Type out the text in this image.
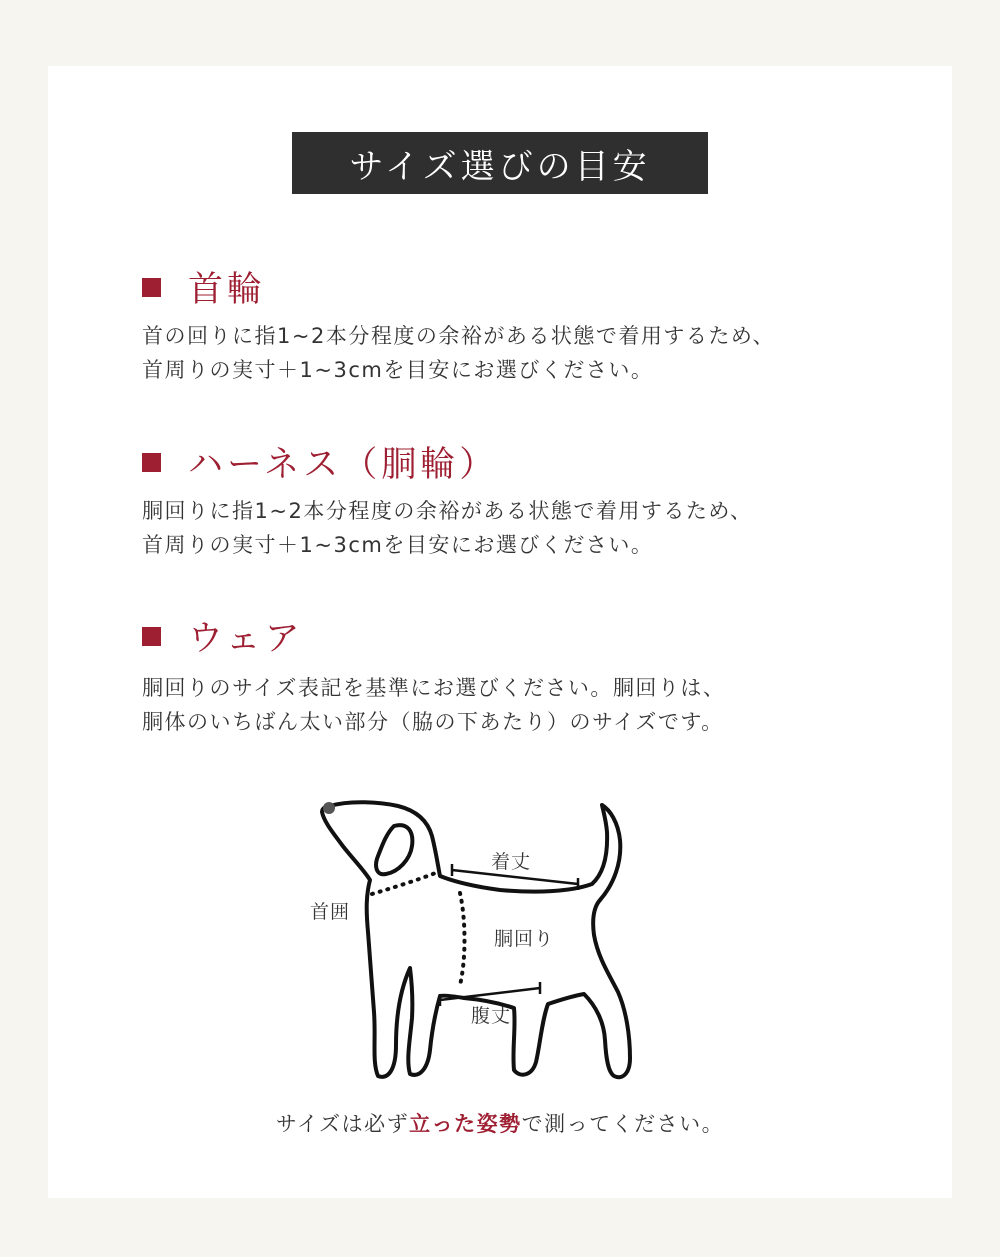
サイズ選びの目安
首輪

首の回りに指1~2本分程度の余裕がある状態で着用するため、

首周りの実寸＋1~3cmを目安にお選びください。

ハーネス（胴輪）

胴回りに指1~2本分程度の余裕がある状態で着用するため、

首周りの実寸＋1~3cmを目安にお選びください。

ウェア

胴回りのサイズ表記を基準にお選びください。胴回りは、

胴体のいちばん太い部分（脇の下あたり）のサイズです。

着丈
首囲
胴回り
腹丈
サイズは必ず立った姿勢で測ってください。
